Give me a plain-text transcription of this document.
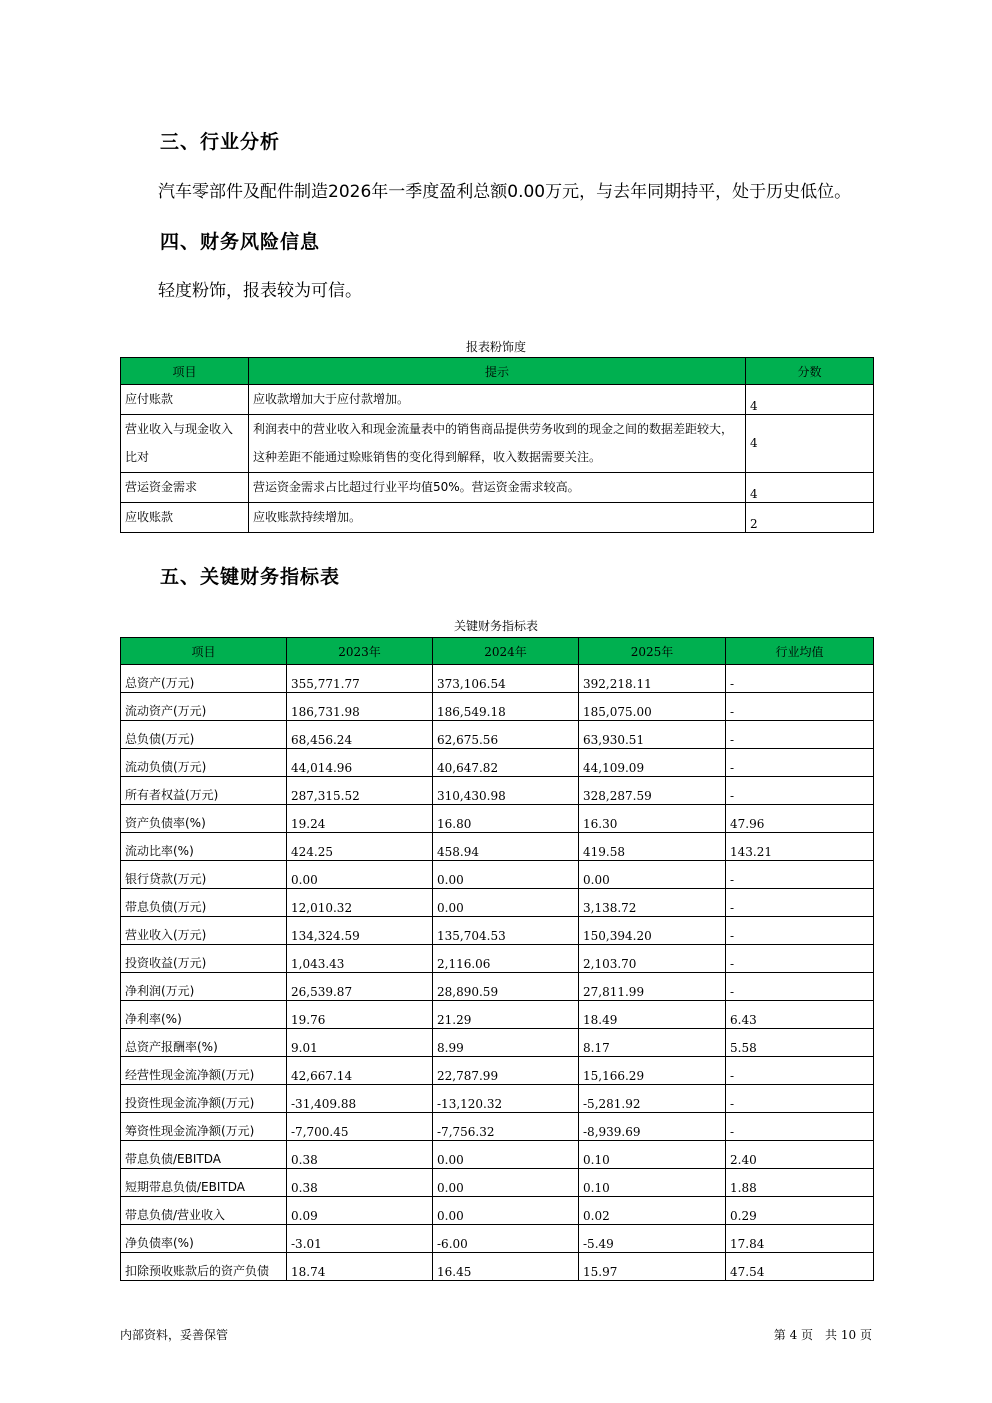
三、行业分析
汽车零部件及配件制造2026年一季度盈利总额0.00万元，与去年同期持平，处于历史低位。
四、财务风险信息
轻度粉饰，报表较为可信。
报表粉饰度
项目	提示	分数
应付账款	应收款增加大于应付款增加。	4
营业收入与现金收入比对	利润表中的营业收入和现金流量表中的销售商品提供劳务收到的现金之间的数据差距较大，这种差距不能通过赊账销售的变化得到解释，收入数据需要关注。	4
营运资金需求	营运资金需求占比超过行业平均值50%。营运资金需求较高。	4
应收账款	应收账款持续增加。	2
五、关键财务指标表
关键财务指标表
项目	2023年	2024年	2025年	行业均值
总资产(万元)	355,771.77	373,106.54	392,218.11	-
流动资产(万元)	186,731.98	186,549.18	185,075.00	-
总负债(万元)	68,456.24	62,675.56	63,930.51	-
流动负债(万元)	44,014.96	40,647.82	44,109.09	-
所有者权益(万元)	287,315.52	310,430.98	328,287.59	-
资产负债率(%)	19.24	16.80	16.30	47.96
流动比率(%)	424.25	458.94	419.58	143.21
银行贷款(万元)	0.00	0.00	0.00	-
带息负债(万元)	12,010.32	0.00	3,138.72	-
营业收入(万元)	134,324.59	135,704.53	150,394.20	-
投资收益(万元)	1,043.43	2,116.06	2,103.70	-
净利润(万元)	26,539.87	28,890.59	27,811.99	-
净利率(%)	19.76	21.29	18.49	6.43
总资产报酬率(%)	9.01	8.99	8.17	5.58
经营性现金流净额(万元)	42,667.14	22,787.99	15,166.29	-
投资性现金流净额(万元)	-31,409.88	-13,120.32	-5,281.92	-
筹资性现金流净额(万元)	-7,700.45	-7,756.32	-8,939.69	-
带息负债/EBITDA	0.38	0.00	0.10	2.40
短期带息负债/EBITDA	0.38	0.00	0.10	1.88
带息负债/营业收入	0.09	0.00	0.02	0.29
净负债率(%)	-3.01	-6.00	-5.49	17.84
扣除预收账款后的资产负债	18.74	16.45	15.97	47.54
内部资料，妥善保管	第 4 页　共 10 页
